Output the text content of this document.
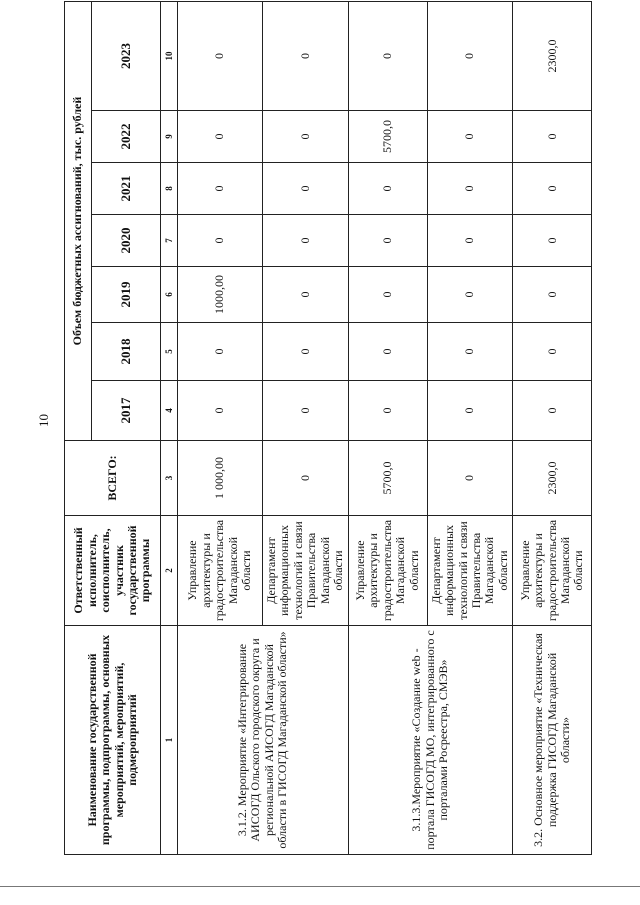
10
Наименование государственной программы, подпрограммы, основных мероприятий, мероприятий, подмероприятий	Ответственный исполнитель, соисполнитель, участник государственной программы	ВСЕГО:	Объем бюджетных ассигнований, тыс. рублей						
			2017	2018	2019	2020	2021	2022	2023
1	2	3	4	5	6	7	8	9	10
3.1.2. Мероприятие «Интегрирование АИСОГД Ольского городского округа и региональной АИСОГД Магаданской области в ГИСОГД Магаданской области»	Управление архитектуры и градостроительства Магаданской области	1 000,00	0	0	1000,00	0	0	0	0
	Департамент информационных технологий и связи Правительства Магаданской области	0	0	0	0	0	0	0	0
3.1.3.Мероприятие «Создание web - портала ГИСОГД МО, интегрированного с порталами Росреестра, СМЭВ»	Управление архитектуры и градостроительства Магаданской области	5700,0	0	0	0	0	0	5700,0	0
	Департамент информационных технологий и связи Правительства Магаданской области	0	0	0	0	0	0	0	0
3.2. Основное мероприятие «Техническая поддержка ГИСОГД Магаданской области»	Управление архитектуры и градостроительства Магаданской области	2300,0	0	0	0	0	0	0	2300,0
